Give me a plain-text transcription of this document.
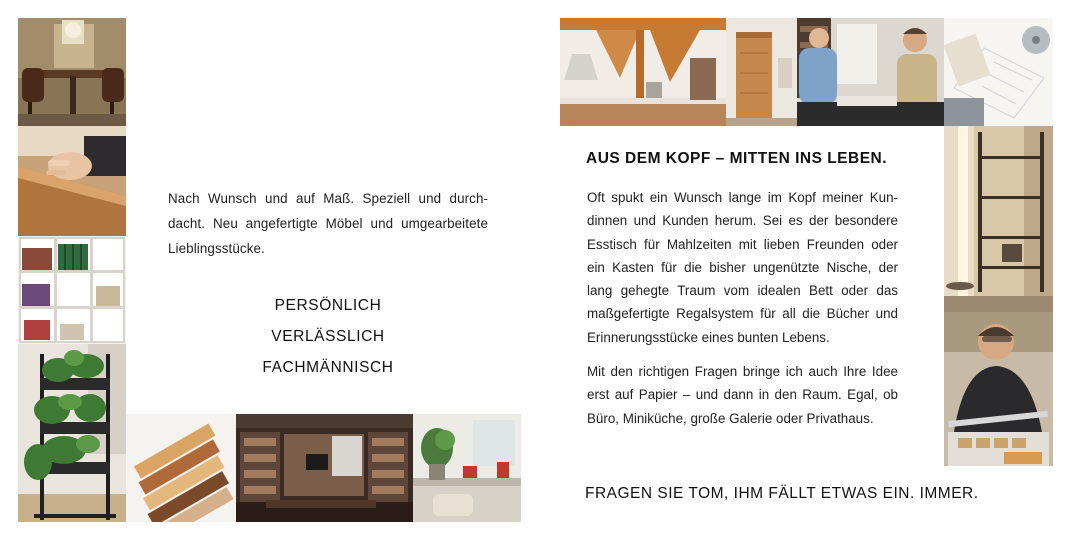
Nach Wunsch und auf Maß. Speziell und durchdacht. Neu angefertigte Möbel und umgearbeitete Lieblingsstücke.

PERSÖNLICH
VERLÄSSLICH
FACHMÄNNISCH
AUS DEM KOPF – MITTEN INS LEBEN.

Oft spukt ein Wunsch lange im Kopf meiner Kundinnen und Kunden herum. Sei es der besondere Esstisch für Mahlzeiten mit lieben Freunden oder ein Kasten für die bisher ungenützte Nische, der lang gehegte Traum vom idealen Bett oder das maßgefertigte Regalsystem für all die Bücher und Erinnerungsstücke eines bunten Lebens.

Mit den richtigen Fragen bringe ich auch Ihre Idee erst auf Papier – und dann in den Raum. Egal, ob Büro, Miniküche, große Galerie oder Privathaus.

FRAGEN SIE TOM, IHM FÄLLT ETWAS EIN. IMMER.
